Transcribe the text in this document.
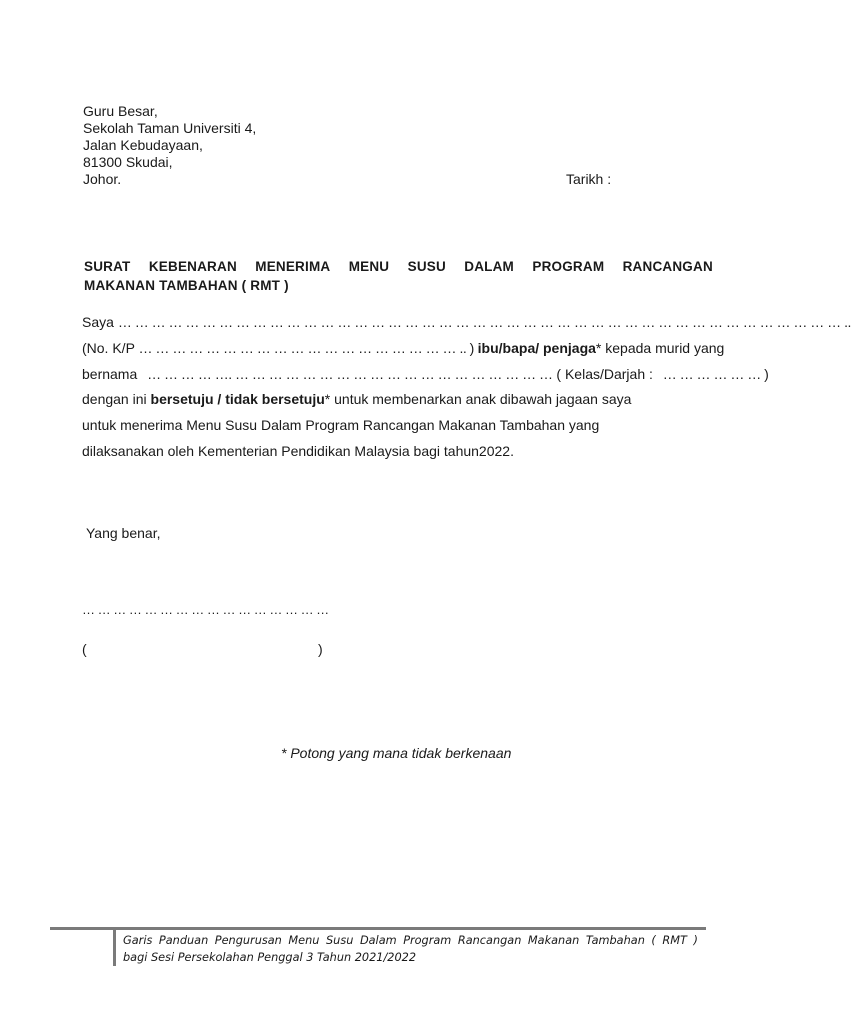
Guru Besar,
Sekolah Taman Universiti 4,
Jalan Kebudayaan,
81300 Skudai,
Johor.	Tarikh :
SURAT KEBENARAN MENERIMA MENU SUSU DALAM PROGRAM RANCANGAN
MAKANAN TAMBAHAN ( RMT )
Saya … … … … … … … … … … … … … … … … … … … … … … … … … … … … … … … … … … … … … … … … … … … ..
(No. K/P … … … … … … … … … … … … … … … … … … … .. ) ibu/bapa/ penjaga* kepada murid yang
bernama … … … … …. … … … … … … … … … … … … … … … … … … … ( Kelas/Darjah : … … … … … … )
dengan ini bersetuju / tidak bersetuju* untuk membenarkan anak dibawah jagaan saya
untuk menerima Menu Susu Dalam Program Rancangan Makanan Tambahan yang
dilaksanakan oleh Kementerian Pendidikan Malaysia bagi tahun2022.
Yang benar,
… … … … … … … … … … … … … … … …
(	)
* Potong yang mana tidak berkenaan
Garis Panduan Pengurusan Menu Susu Dalam Program Rancangan Makanan Tambahan ( RMT )
bagi Sesi Persekolahan Penggal 3 Tahun 2021/2022
